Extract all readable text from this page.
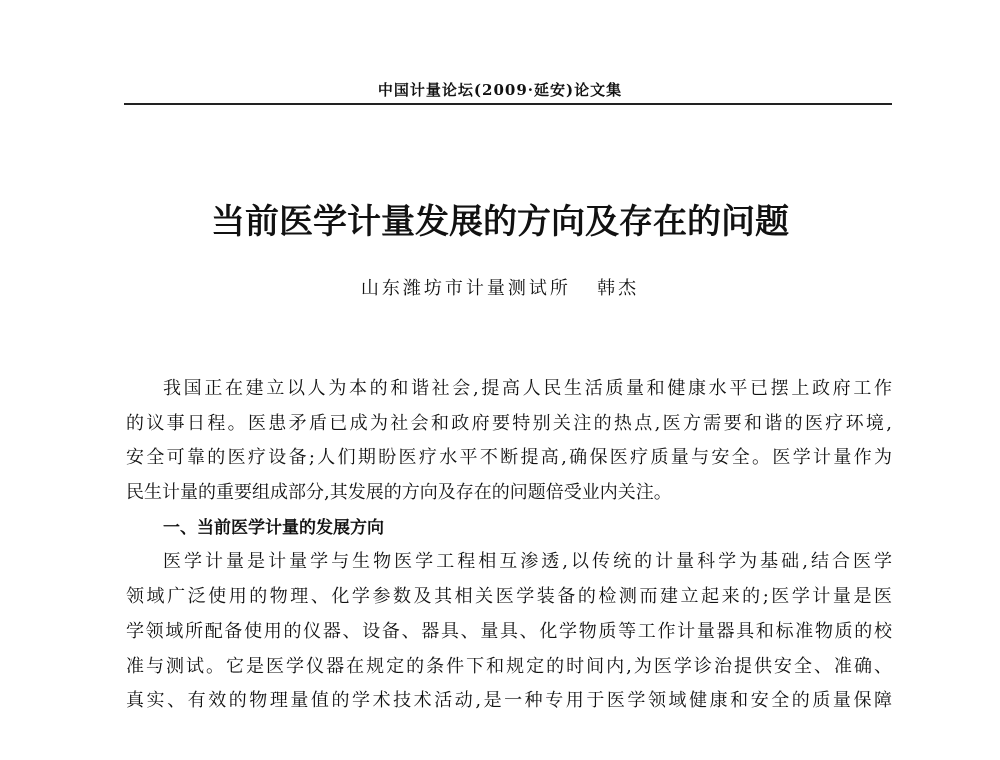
中国计量论坛(2009·延安)论文集
当前医学计量发展的方向及存在的问题
山东潍坊市计量测试所   韩杰
我国正在建立以人为本的和谐社会,提高人民生活质量和健康水平已摆上政府工作
的议事日程。医患矛盾已成为社会和政府要特别关注的热点,医方需要和谐的医疗环境,
安全可靠的医疗设备;人们期盼医疗水平不断提高,确保医疗质量与安全。医学计量作为
民生计量的重要组成部分,其发展的方向及存在的问题倍受业内关注。
一、当前医学计量的发展方向
医学计量是计量学与生物医学工程相互渗透,以传统的计量科学为基础,结合医学
领域广泛使用的物理、化学参数及其相关医学装备的检测而建立起来的;医学计量是医
学领域所配备使用的仪器、设备、器具、量具、化学物质等工作计量器具和标准物质的校
准与测试。它是医学仪器在规定的条件下和规定的时间内,为医学诊治提供安全、准确、
真实、有效的物理量值的学术技术活动,是一种专用于医学领域健康和安全的质量保障
